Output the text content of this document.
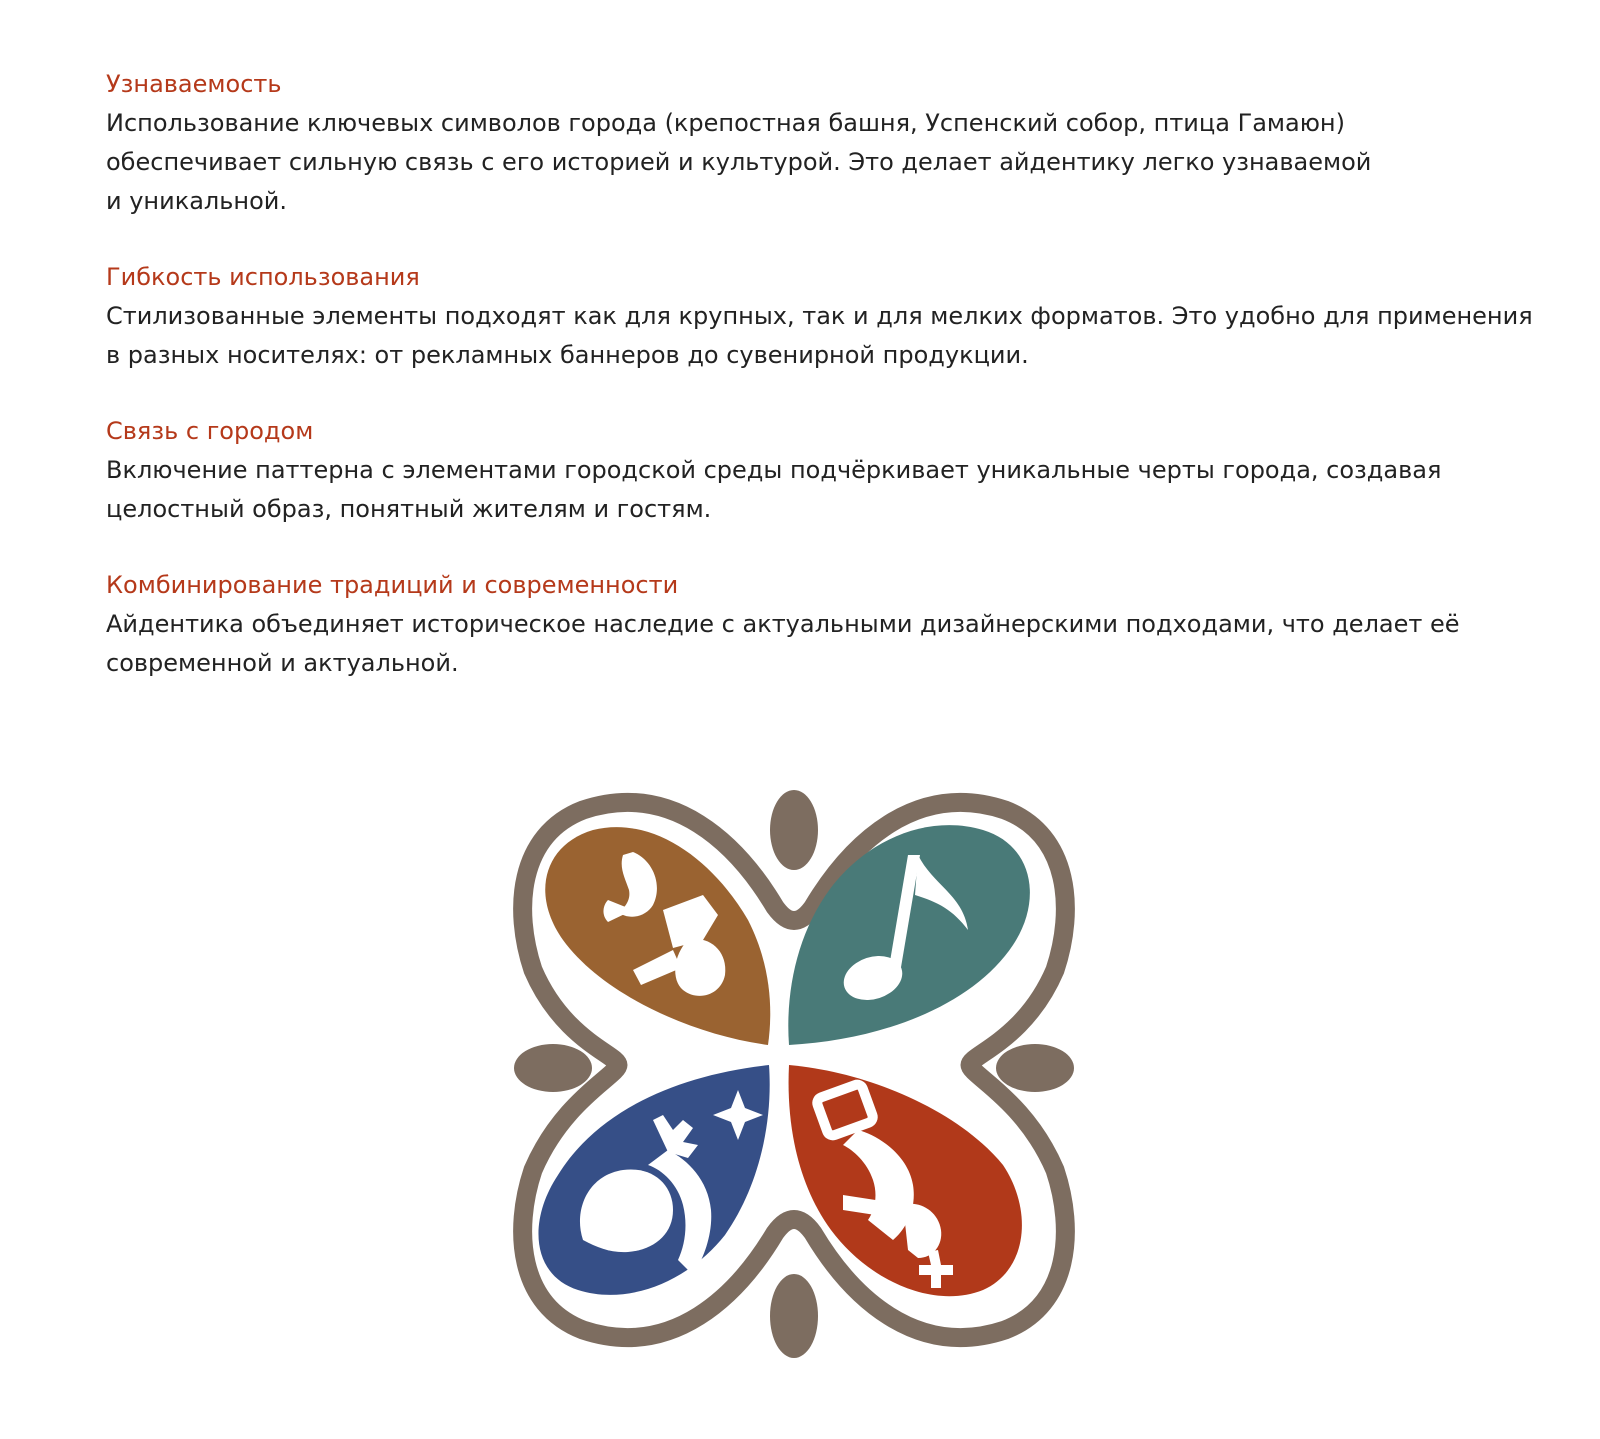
Узнаваемость

Использование ключевых символов города (крепостная башня, Успенский собор, птица Гамаюн)
обеспечивает сильную связь с его историей и культурой. Это делает айдентику легко узнаваемой
и уникальной.

Гибкость использования

Стилизованные элементы подходят как для крупных, так и для мелких форматов. Это удобно для применения
в разных носителях: от рекламных баннеров до сувенирной продукции.

Связь с городом

Включение паттерна с элементами городской среды подчёркивает уникальные черты города, создавая
целостный образ, понятный жителям и гостям.

Комбинирование традиций и современности

Айдентика объединяет историческое наследие с актуальными дизайнерскими подходами, что делает её
современной и актуальной.
